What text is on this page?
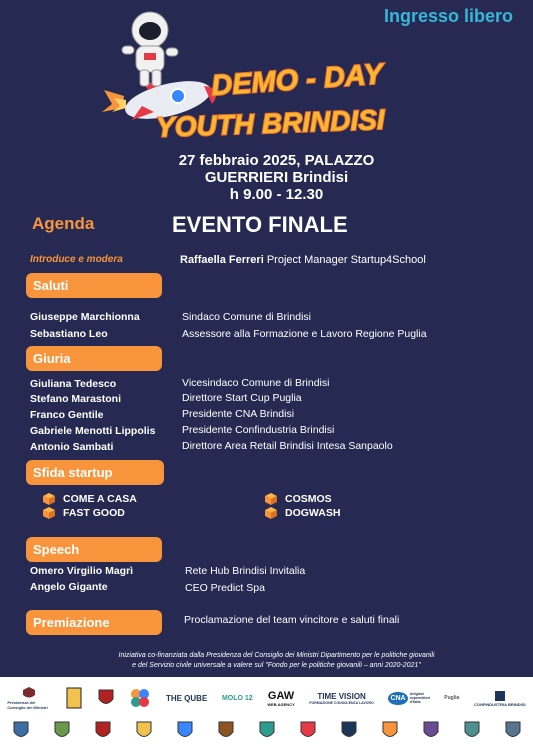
Ingresso libero
DEMO - DAY
YOUTH BRINDISI
27 febbraio 2025, PALAZZO
GUERRIERI Brindisi
h 9.00 - 12.30
Agenda	EVENTO FINALE
Introduce e modera	Raffaella Ferreri Project Manager Startup4School
Saluti
Giuseppe Marchionna	Sindaco Comune di Brindisi
Sebastiano Leo	Assessore alla Formazione e Lavoro Regione Puglia
Giuria
Giuliana Tedesco	Vicesindaco Comune di Brindisi
Stefano Marastoni	Direttore Start Cup Puglia
Franco Gentile	Presidente CNA Brindisi
Gabriele Menotti Lippolis	Presidente Confindustria Brindisi
Antonio Sambati	Direttore Area Retail Brindisi Intesa Sanpaolo
Sfida startup
COME A CASA
FAST GOOD
COSMOS
DOGWASH
Speech
Omero Virgilio Magrì	Rete Hub Brindisi Invitalia
Angelo Gigante	CEO Predict Spa
Premiazione	Proclamazione del team vincitore e saluti finali
Iniziativa co-finanziata dalla Presidenza del Consiglio dei Ministri Dipartimento per le politiche giovanili
e del Servizio civile universale a valere sul "Fondo per le politiche giovanili – anni 2020-2021"
Presidenza del Consiglio dei Ministri
THE QUBE MOLO 12 GAW
WEB AGENCY
TIME VISION
FORMAZIONE CONSULENZA LAVORO
CNA
Artigiani imprenditori d'Italia
Puglia
CONFINDUSTRIA BRINDISI
